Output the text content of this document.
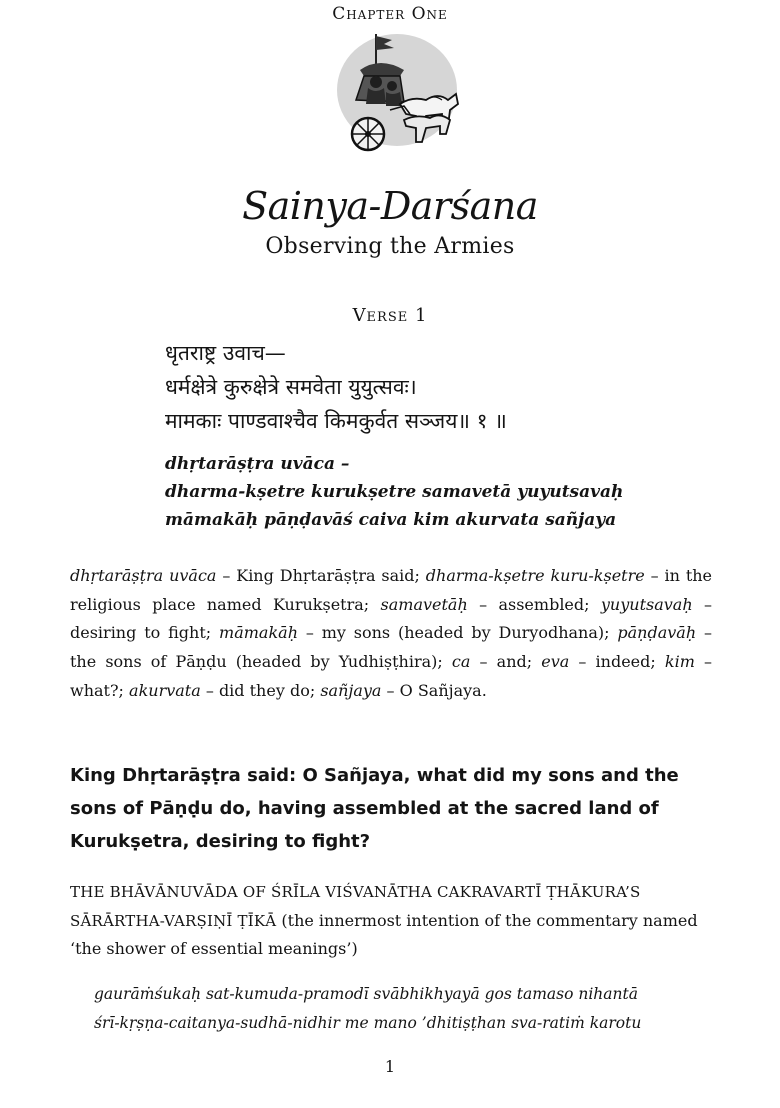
Chapter One
Sainya-Darśana
Observing the Armies
Verse 1
धृतराष्ट्र उवाच—
धर्मक्षेत्रे कुरुक्षेत्रे समवेता युयुत्सवः।
मामकाः पाण्डवाश्चैव किमकुर्वत सञ्जय॥ १ ॥
dhṛtarāṣṭra uvāca –
dharma-kṣetre kurukṣetre samavetā yuyutsavaḥ
māmakāḥ pāṇḍavāś caiva kim akurvata sañjaya
dhṛtarāṣṭra uvāca – King Dhṛtarāṣṭra said; dharma-kṣetre kuru-kṣetre – in the religious place named Kurukṣetra; samavetāḥ – assembled; yuyutsavaḥ – desiring to fight; māmakāḥ – my sons (headed by Duryodhana); pāṇḍavāḥ – the sons of Pāṇḍu (headed by Yudhiṣṭhira); ca – and; eva – indeed; kim – what?; akurvata – did they do; sañjaya – O Sañjaya.
King Dhṛtarāṣṭra said: O Sañjaya, what did my sons and the sons of Pāṇḍu do, having assembled at the sacred land of Kurukṣetra, desiring to fight?
THE BHĀVĀNUVĀDA OF ŚRĪLA VIŚVANĀTHA CAKRAVARTĪ ṬHĀKURA’S SĀRĀRTHA-VARṢIṆĪ ṬĪKĀ (the innermost intention of the commentary named ‘the shower of essential meanings’)
gaurāṁśukaḥ sat-kumuda-pramodī svābhikhyayā gos tamaso nihantā
śrī-kṛṣṇa-caitanya-sudhā-nidhir me mano ’dhitiṣṭhan sva-ratiṁ karotu
1
